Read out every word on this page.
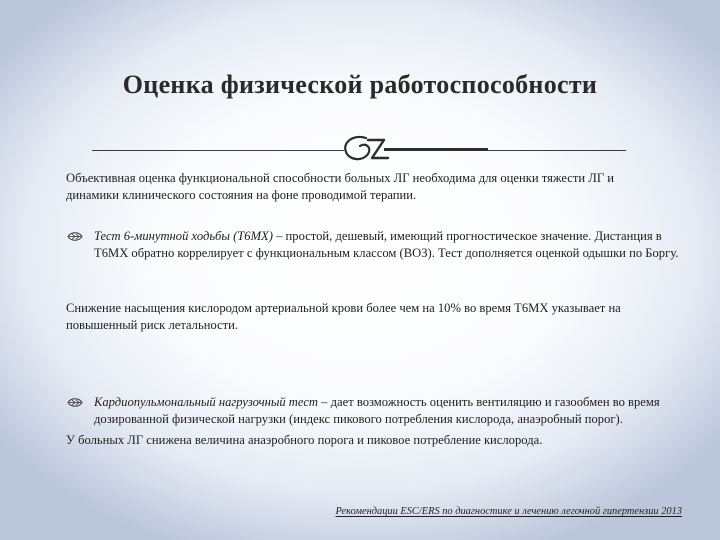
Оценка физической работоспособности

Объективная оценка функциональной способности больных ЛГ необходима для оценки тяжести ЛГ и динамики клинического состояния на фоне проводимой терапии.

Тест 6-минутной ходьбы (Т6МХ) – простой, дешевый, имеющий прогностическое значение. Дистанция в Т6МХ обратно коррелирует с функциональным классом (ВОЗ). Тест дополняется оценкой одышки по Боргу.

Снижение насыщения кислородом артериальной крови более чем на 10% во время Т6МХ указывает на повышенный риск летальности.

Кардиопульмональный нагрузочный тест – дает возможность оценить вентиляцию и газообмен во время дозированной физической нагрузки (индекс пикового потребления кислорода, анаэробный порог).

У больных ЛГ снижена величина анаэробного порога и пиковое потребление кислорода.

Рекомендации ESC/ERS по диагностике и лечению легочной гипертензии 2013
